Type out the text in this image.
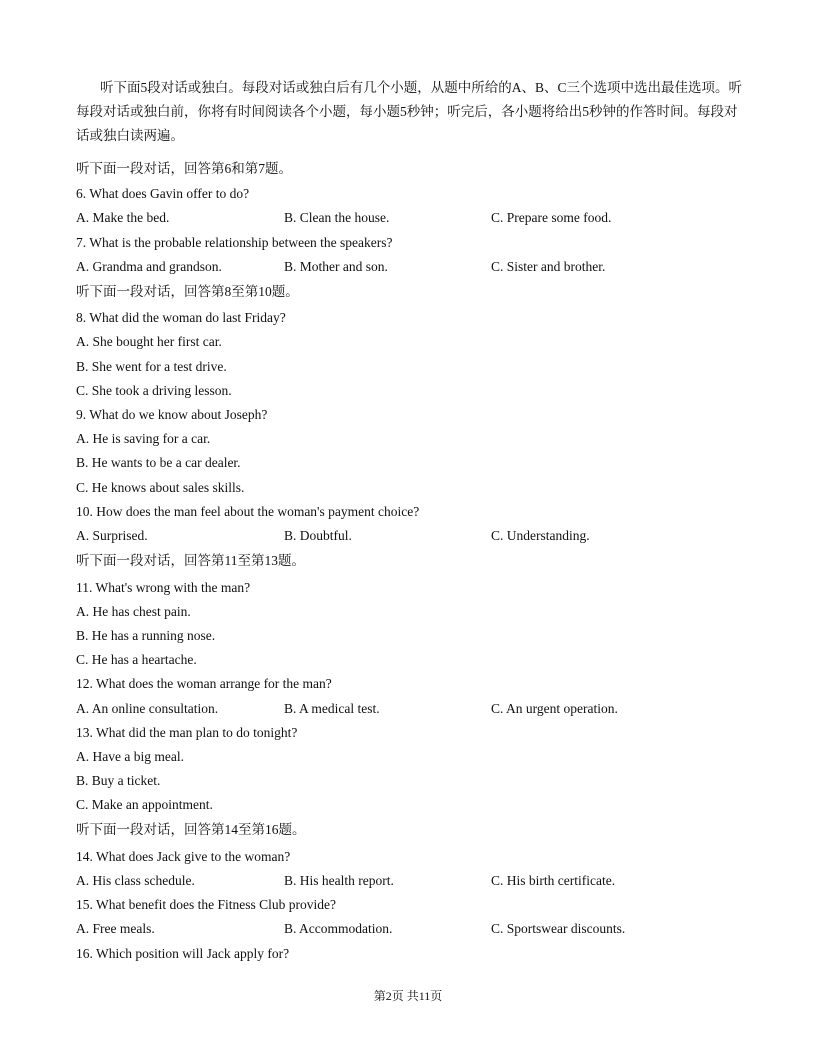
听下面5段对话或独白。每段对话或独白后有几个小题，从题中所给的A、B、C三个选项中选出最佳选项。听每段对话或独白前，你将有时间阅读各个小题，每小题5秒钟；听完后，各小题将给出5秒钟的作答时间。每段对话或独白读两遍。

听下面一段对话，回答第6和第7题。
6. What does Gavin offer to do?
A. Make the bed.	B. Clean the house.	C. Prepare some food.
7. What is the probable relationship between the speakers?
A. Grandma and grandson.	B. Mother and son.	C. Sister and brother.
听下面一段对话，回答第8至第10题。
8. What did the woman do last Friday?
A. She bought her first car.
B. She went for a test drive.
C. She took a driving lesson.
9. What do we know about Joseph?
A. He is saving for a car.
B. He wants to be a car dealer.
C. He knows about sales skills.
10. How does the man feel about the woman's payment choice?
A. Surprised.	B. Doubtful.	C. Understanding.
听下面一段对话，回答第11至第13题。
11. What's wrong with the man?
A. He has chest pain.
B. He has a running nose.
C. He has a heartache.
12. What does the woman arrange for the man?
A. An online consultation.	B. A medical test.	C. An urgent operation.
13. What did the man plan to do tonight?
A. Have a big meal.
B. Buy a ticket.
C. Make an appointment.
听下面一段对话，回答第14至第16题。
14. What does Jack give to the woman?
A. His class schedule.	B. His health report.	C. His birth certificate.
15. What benefit does the Fitness Club provide?
A. Free meals.	B. Accommodation.	C. Sportswear discounts.
16. Which position will Jack apply for?
第2页 共11页
